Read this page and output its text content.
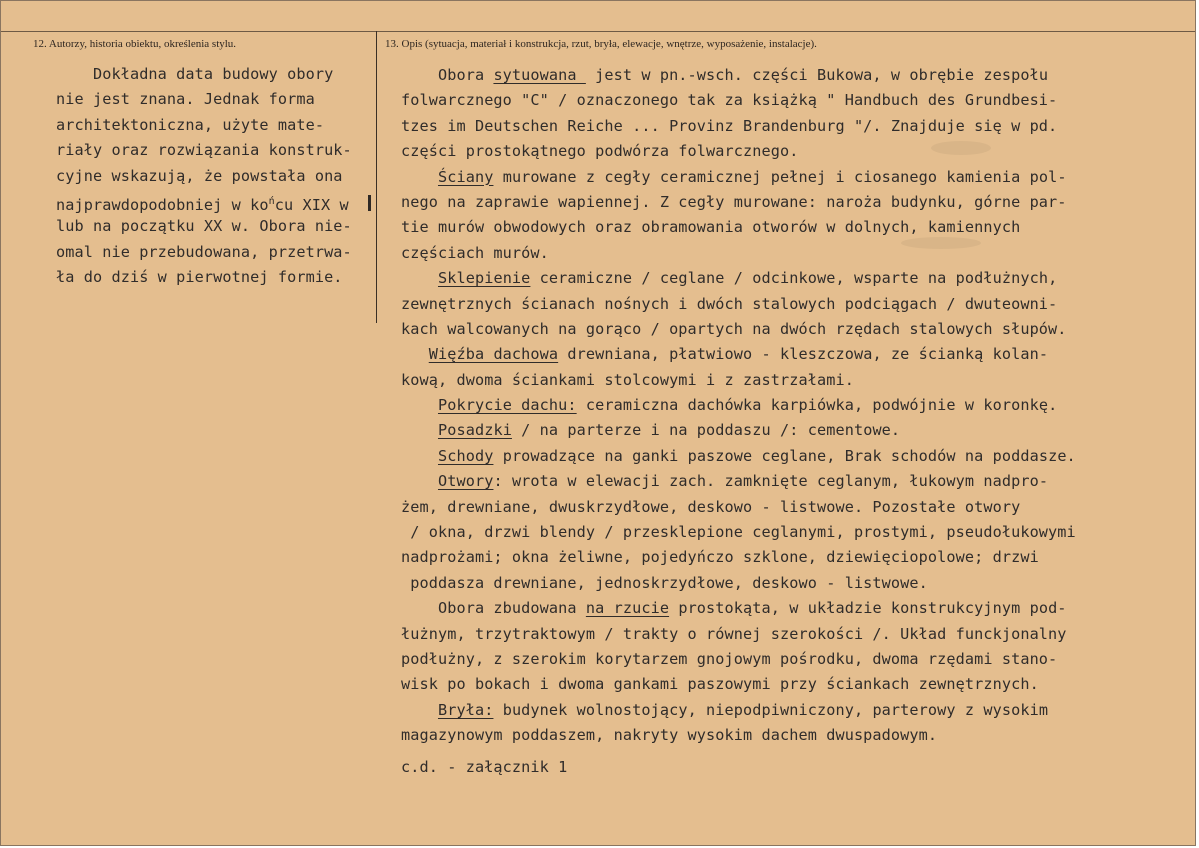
12. Autorzy, historia obiektu, określenia stylu.	13. Opis (sytuacja, materiał i konstrukcja, rzut, bryła, elewacje, wnętrze, wyposażenie, instalacje).
Dokładna data budowy obory
nie jest znana. Jednak forma
architektoniczna, użyte mate-
riały oraz rozwiązania konstruk-
cyjne wskazują, że powstała ona
najprawdopodobniej w $ko^ńcu$ XIX w
lub na początku XX w. Obora nie-
omal nie przebudowana, przetrwa-
ła do dziś w pierwotnej formie.
Obora sytuowana  jest w pn.-wsch. części Bukowa, w obrębie zespołu
folwarcznego "C" / oznaczonego tak za książką " Handbuch des Grundbesi-
tzes im Deutschen Reiche ... Provinz Brandenburg "/. Znajduje się w pd.
części prostokątnego podwórza folwarcznego.
Ściany murowane z cegły ceramicznej pełnej i ciosanego kamienia pol-
nego na zaprawie wapiennej. Z cegły murowane: naroża budynku, górne par-
tie murów obwodowych oraz obramowania otworów w dolnych, kamiennych
częściach murów.
Sklepienie ceramiczne / ceglane / odcinkowe, wsparte na podłużnych,
zewnętrznych ścianach nośnych i dwóch stalowych podciągach / dwuteowni-
kach walcowanych na gorąco / opartych na dwóch rzędach stalowych słupów.
Więźba dachowa drewniana, płatwiowo - kleszczowa, ze ścianką kolan-
kową, dwoma ściankami stolcowymi i z zastrzałami.
Pokrycie dachu: ceramiczna dachówka karpiówka, podwójnie w koronkę.
Posadzki / na parterze i na poddaszu /: cementowe.
Schody prowadzące na ganki paszowe ceglane, Brak schodów na poddasze.
Otwory: wrota w elewacji zach. zamknięte ceglanym, łukowym nadpro-
żem, drewniane, dwuskrzydłowe, deskowo - listwowe. Pozostałe otwory
/ okna, drzwi blendy / przesklepione ceglanymi, prostymi, pseudołukowymi
nadprożami; okna żeliwne, pojedyńczo szklone, dziewięciopolowe; drzwi
poddasza drewniane, jednoskrzydłowe, deskowo - listwowe.
Obora zbudowana na rzucie prostokąta, w układzie konstrukcyjnym pod-
łużnym, trzytraktowym / trakty o równej szerokości /. Układ funckjonalny
podłużny, z szerokim korytarzem gnojowym pośrodku, dwoma rzędami stano-
wisk po bokach i dwoma gankami paszowymi przy ściankach zewnętrznych.
Bryła: budynek wolnostojący, niepodpiwniczony, parterowy z wysokim
magazynowym poddaszem, nakryty wysokim dachem dwuspadowym.
c.d. - załącznik 1
